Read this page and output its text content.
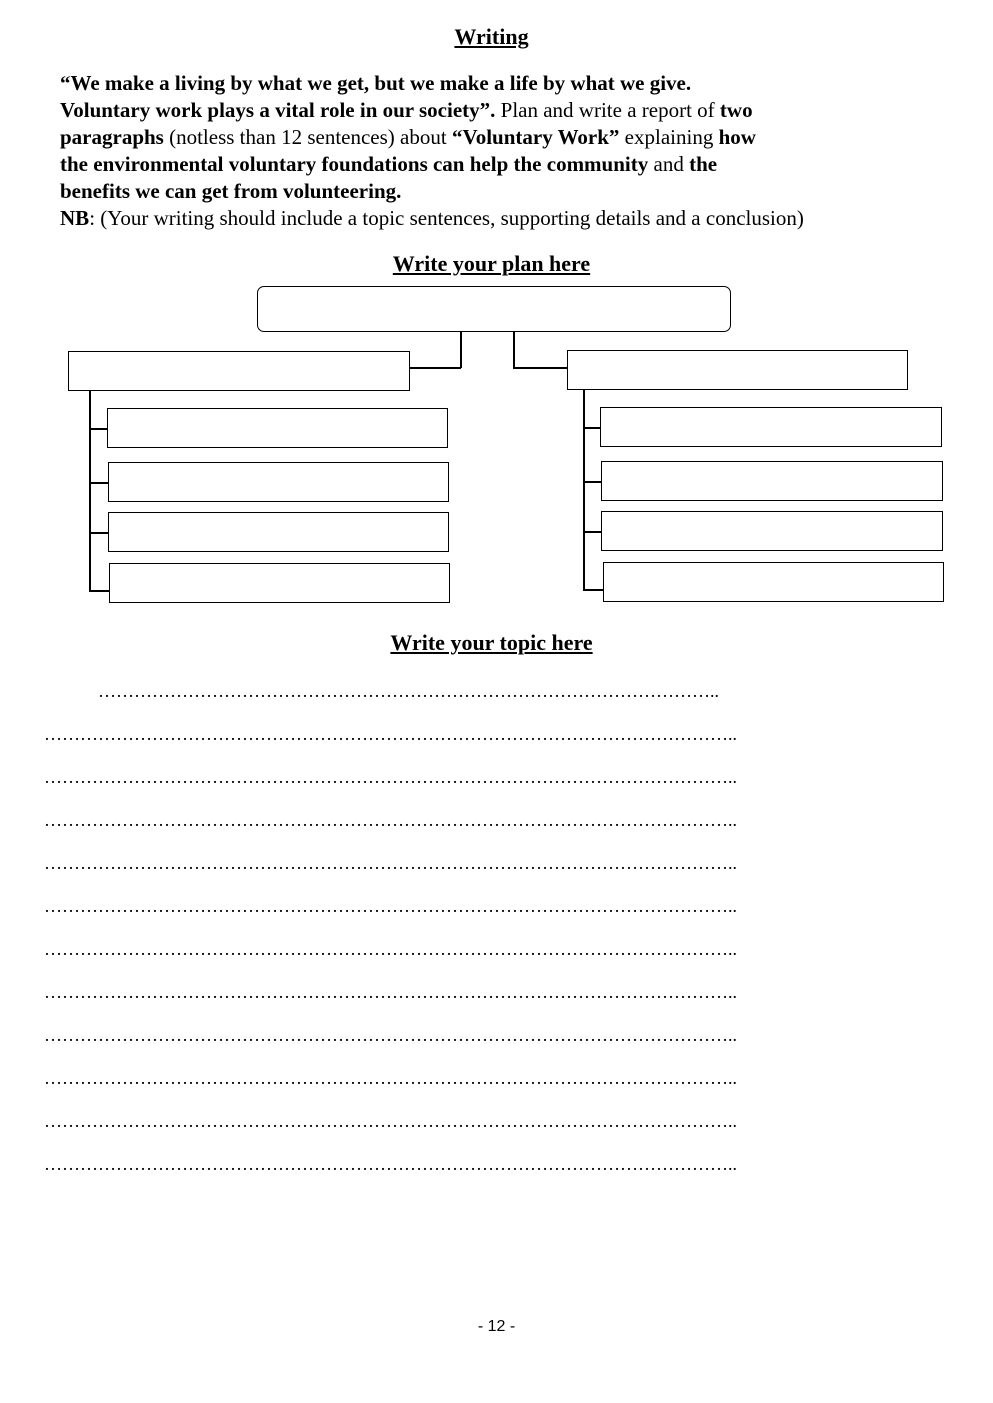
Writing
“We make a living by what we get, but we make a life by what we give.
Voluntary work plays a vital role in our society”. Plan and write a report of two
paragraphs (notless than 12 sentences) about “Voluntary Work” explaining how
the environmental voluntary foundations can help the community and the
benefits we can get from volunteering.
NB: (Your writing should include a topic sentences, supporting details and a conclusion)
Write your plan here
Write your topic here
…………………………………………………………………………………………..
……………………………………………………………………………………………………..
……………………………………………………………………………………………………..
……………………………………………………………………………………………………..
……………………………………………………………………………………………………..
……………………………………………………………………………………………………..
……………………………………………………………………………………………………..
……………………………………………………………………………………………………..
……………………………………………………………………………………………………..
……………………………………………………………………………………………………..
……………………………………………………………………………………………………..
……………………………………………………………………………………………………..
- 12 -
